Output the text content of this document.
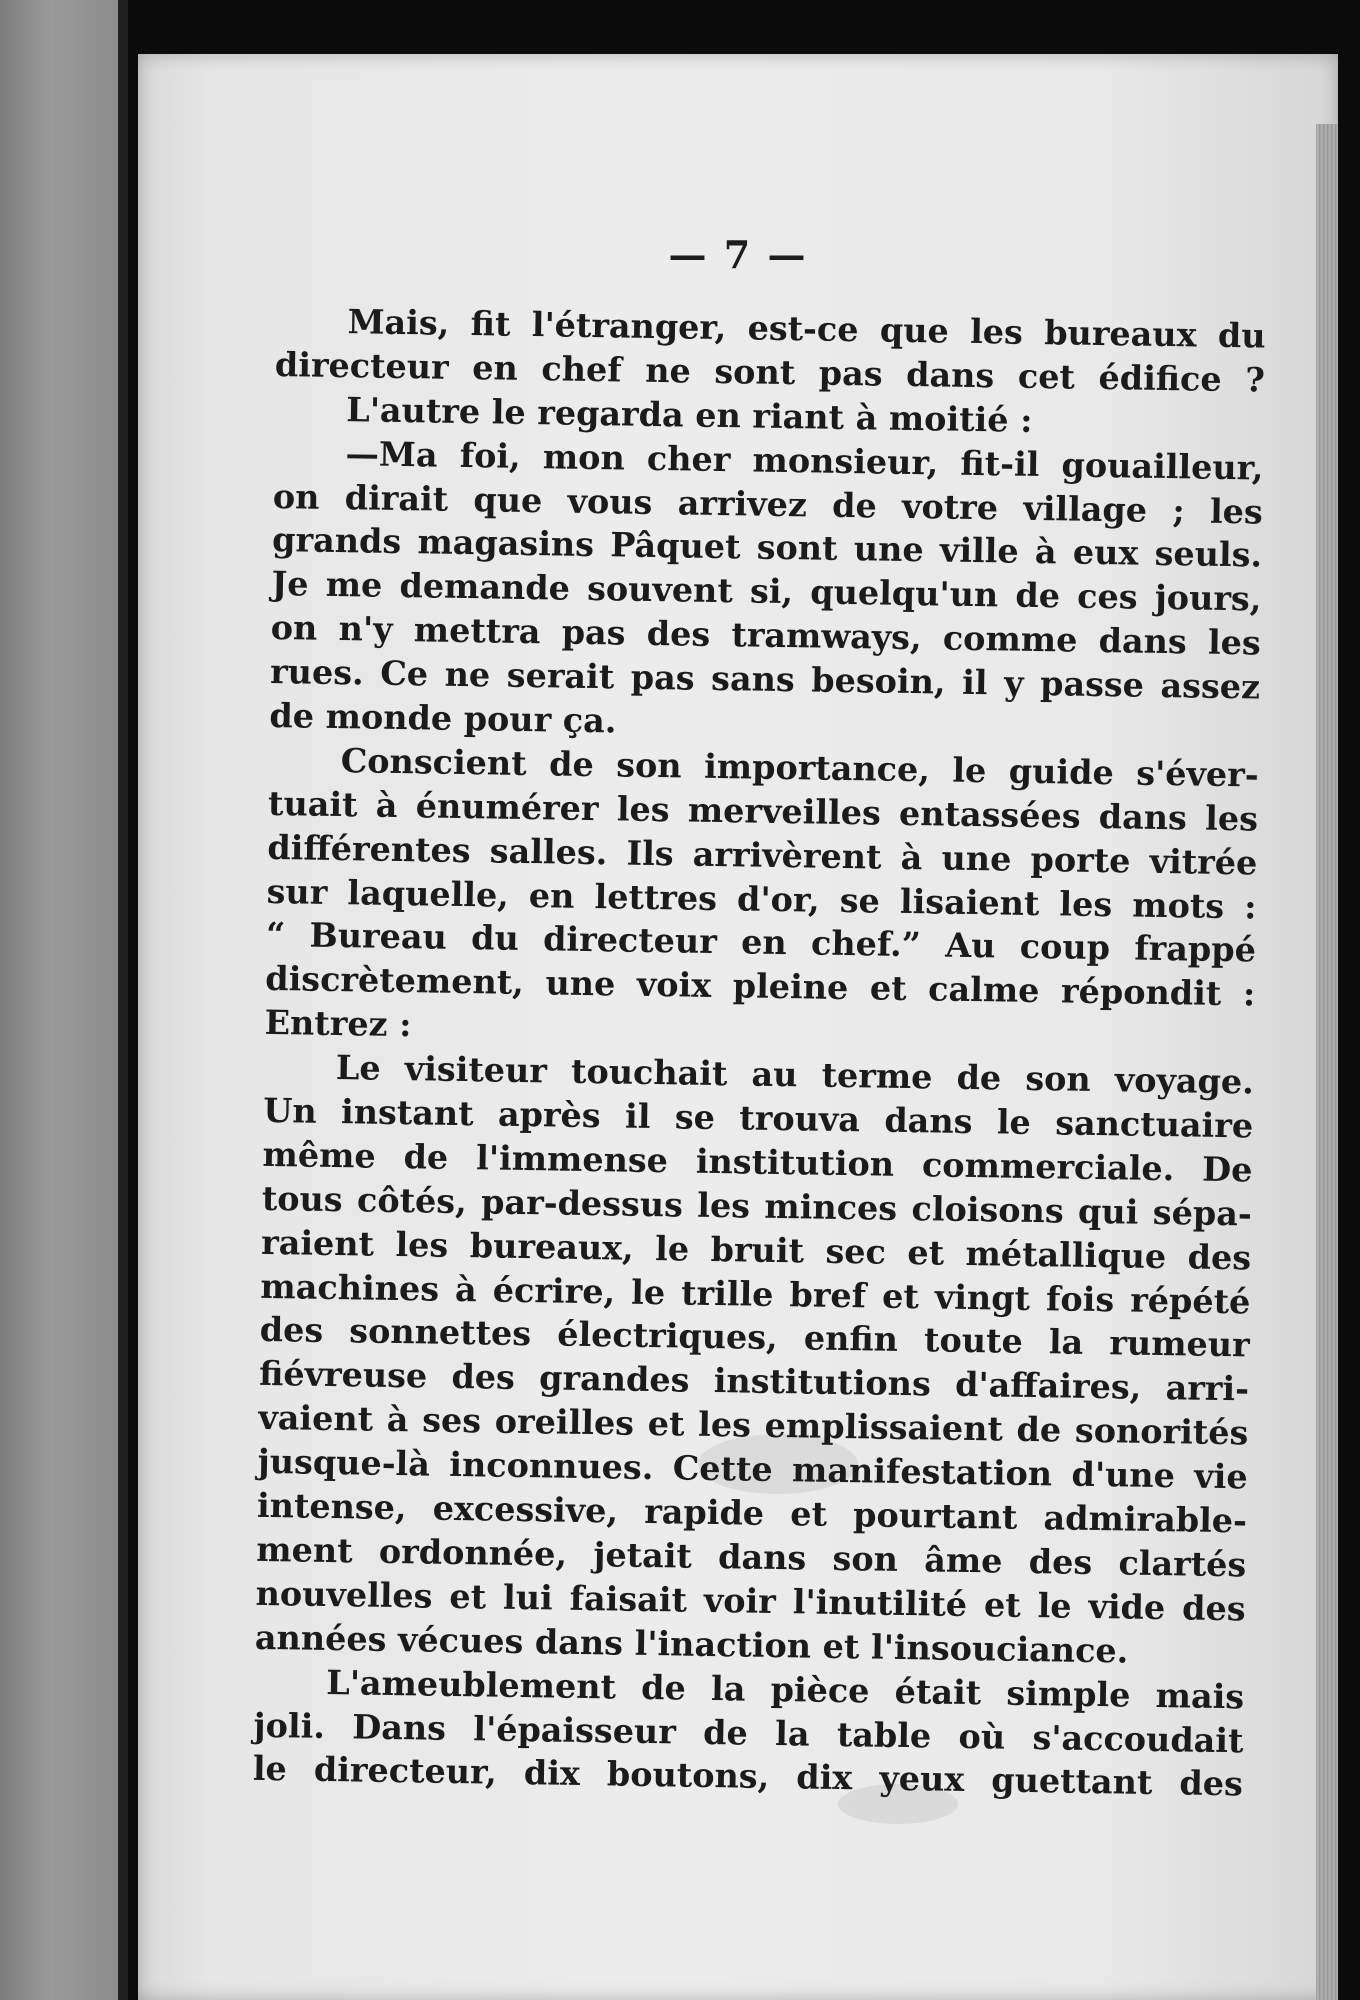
— 7 —
Mais, fit l'étranger, est-ce que les bureaux du
directeur en chef ne sont pas dans cet édifice ?
L'autre le regarda en riant à moitié :
—Ma foi, mon cher monsieur, fit-il gouailleur,
on dirait que vous arrivez de votre village ; les
grands magasins Pâquet sont une ville à eux seuls.
Je me demande souvent si, quelqu'un de ces jours,
on n'y mettra pas des tramways, comme dans les
rues. Ce ne serait pas sans besoin, il y passe assez
de monde pour ça.
Conscient de son importance, le guide s'éver-
tuait à énumérer les merveilles entassées dans les
différentes salles. Ils arrivèrent à une porte vitrée
sur laquelle, en lettres d'or, se lisaient les mots :
“ Bureau du directeur en chef.” Au coup frappé
discrètement, une voix pleine et calme répondit :
Entrez :
Le visiteur touchait au terme de son voyage.
Un instant après il se trouva dans le sanctuaire
même de l'immense institution commerciale. De
tous côtés, par-dessus les minces cloisons qui sépa-
raient les bureaux, le bruit sec et métallique des
machines à écrire, le trille bref et vingt fois répété
des sonnettes électriques, enfin toute la rumeur
fiévreuse des grandes institutions d'affaires, arri-
vaient à ses oreilles et les emplissaient de sonorités
jusque-là inconnues. Cette manifestation d'une vie
intense, excessive, rapide et pourtant admirable-
ment ordonnée, jetait dans son âme des clartés
nouvelles et lui faisait voir l'inutilité et le vide des
années vécues dans l'inaction et l'insouciance.
L'ameublement de la pièce était simple mais
joli. Dans l'épaisseur de la table où s'accoudait
le directeur, dix boutons, dix yeux guettant des
